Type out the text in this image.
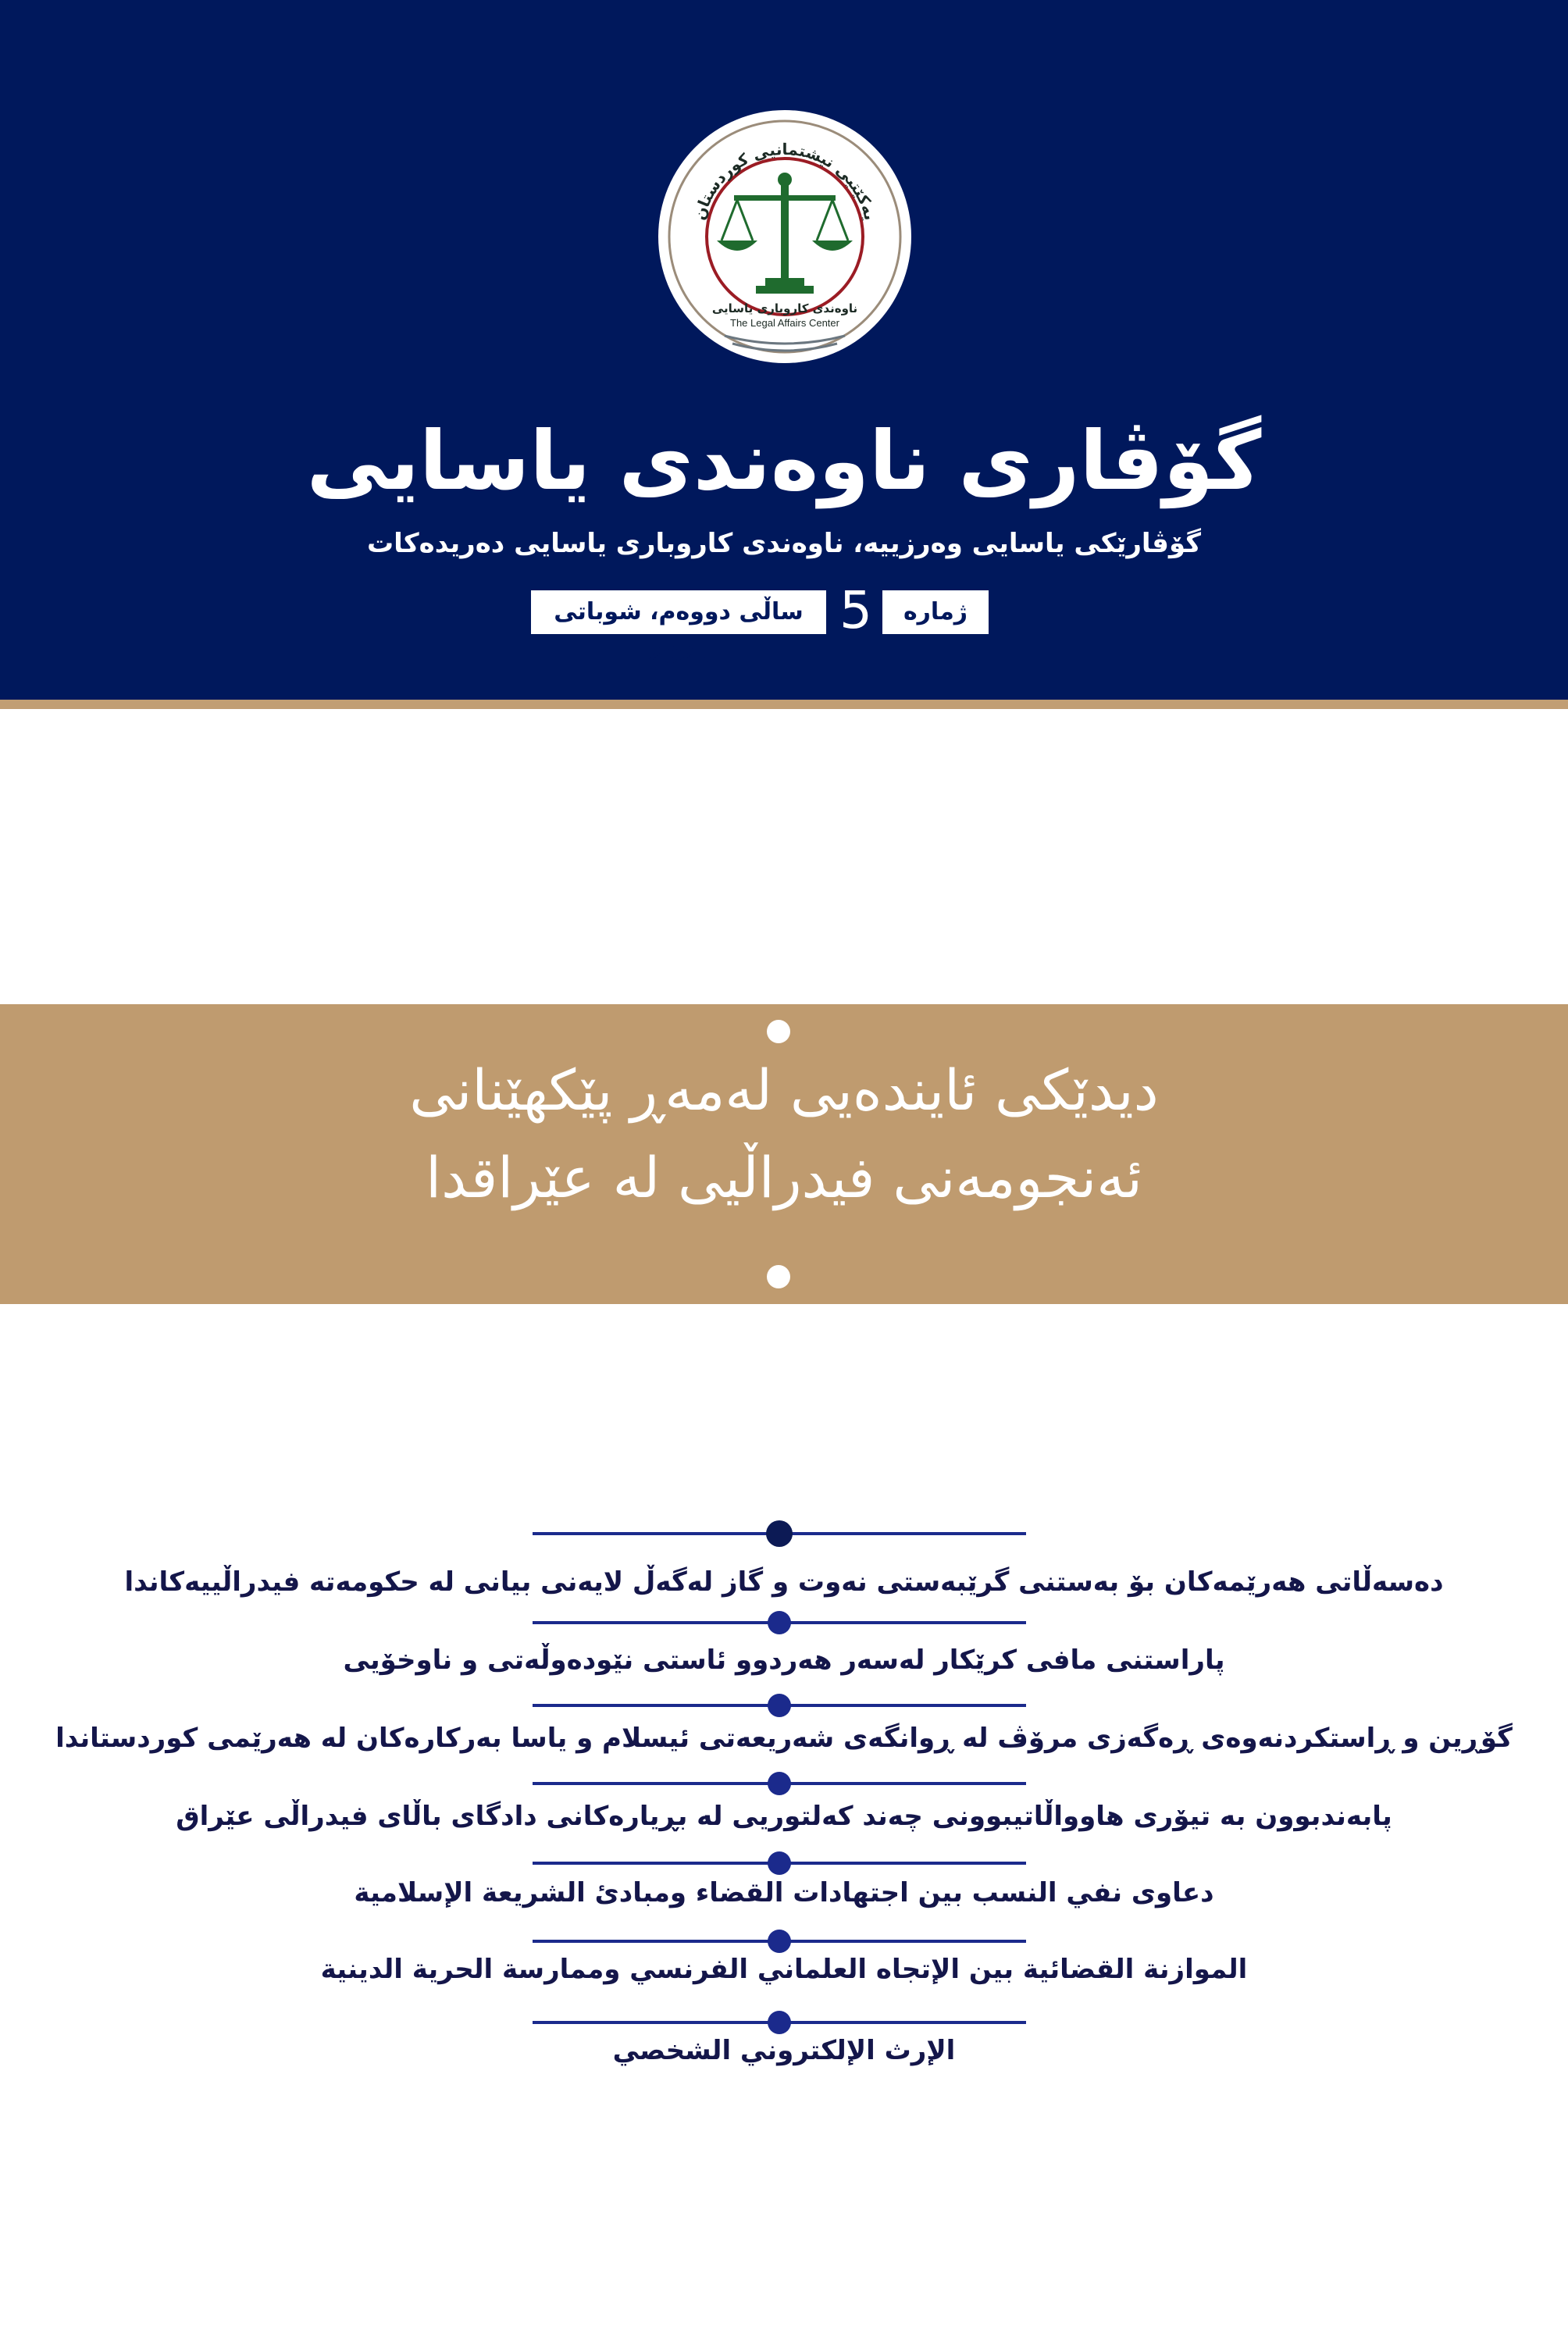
یەکێتیی نیشتمانیی کوردستان
ناوەندی کاروباری یاسایی
The Legal Affairs Center
گۆڤاری ناوەندی یاسایی
گۆڤارێکی یاسایی وەرزییە، ناوەندی کاروباری یاسایی دەریدەکات
ژمارە
5
ساڵی دووەم، شوباتی 2023
دیدێکی ئایندەیی لەمەڕ پێکهێنانی
ئەنجومەنی فیدراڵیی لە عێراقدا
دەسەڵاتی هەرێمەکان بۆ بەستنی گرێبەستی نەوت و گاز لەگەڵ لایەنی بیانی لە حکومەتە فیدراڵییەکاندا
پاراستنی مافی کرێکار لەسەر هەردوو ئاستی نێودەوڵەتی و ناوخۆیی
گۆڕین و ڕاستکردنەوەی ڕەگەزی مرۆڤ لە ڕوانگەی شەریعەتی ئیسلام و یاسا بەرکارەکان لە هەرێمی کوردستاندا
پابەندبوون بە تیۆری هاوواڵاتیبوونی چەند کەلتوریی لە بڕیارەکانی دادگای باڵای فیدراڵی عێراق
دعاوى نفي النسب بين اجتهادات القضاء ومبادئ الشريعة الإسلامية
الموازنة القضائية بين الإتجاه العلماني الفرنسي وممارسة الحرية الدينية
الإرث الإلكتروني الشخصي
